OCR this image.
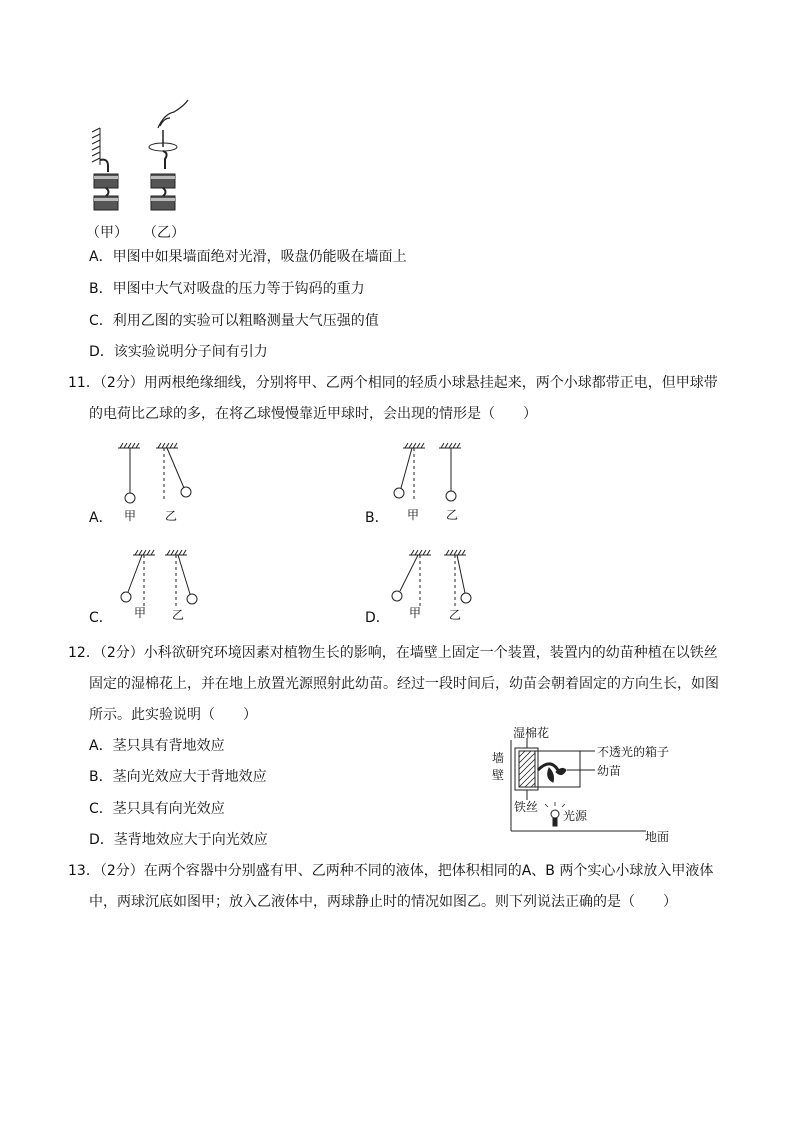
（甲） （乙）
A．甲图中如果墙面绝对光滑，吸盘仍能吸在墙面上
B．甲图中大气对吸盘的压力等于钩码的重力
C．利用乙图的实验可以粗略测量大气压强的值
D．该实验说明分子间有引力
11．（2分）用两根绝缘细线，分别将甲、乙两个相同的轻质小球悬挂起来，两个小球都带正电，但甲球带
的电荷比乙球的多，在将乙球慢慢靠近甲球时，会出现的情形是（　　）
A． 甲 乙	B． 甲 乙
C． 甲 乙	D． 甲 乙
12．（2分）小科欲研究环境因素对植物生长的影响，在墙壁上固定一个装置，装置内的幼苗种植在以铁丝
固定的湿棉花上，并在地上放置光源照射此幼苗。经过一段时间后，幼苗会朝着固定的方向生长，如图
所示。此实验说明（　　）
A．茎只具有背地效应
B．茎向光效应大于背地效应
C．茎只具有向光效应
D．茎背地效应大于向光效应
湿棉花
墙壁
不透光的箱子
幼苗
铁丝
光源
地面
13．（2分）在两个容器中分别盛有甲、乙两种不同的液体，把体积相同的A、B 两个实心小球放入甲液体
中，两球沉底如图甲；放入乙液体中，两球静止时的情况如图乙。则下列说法正确的是（　　）
